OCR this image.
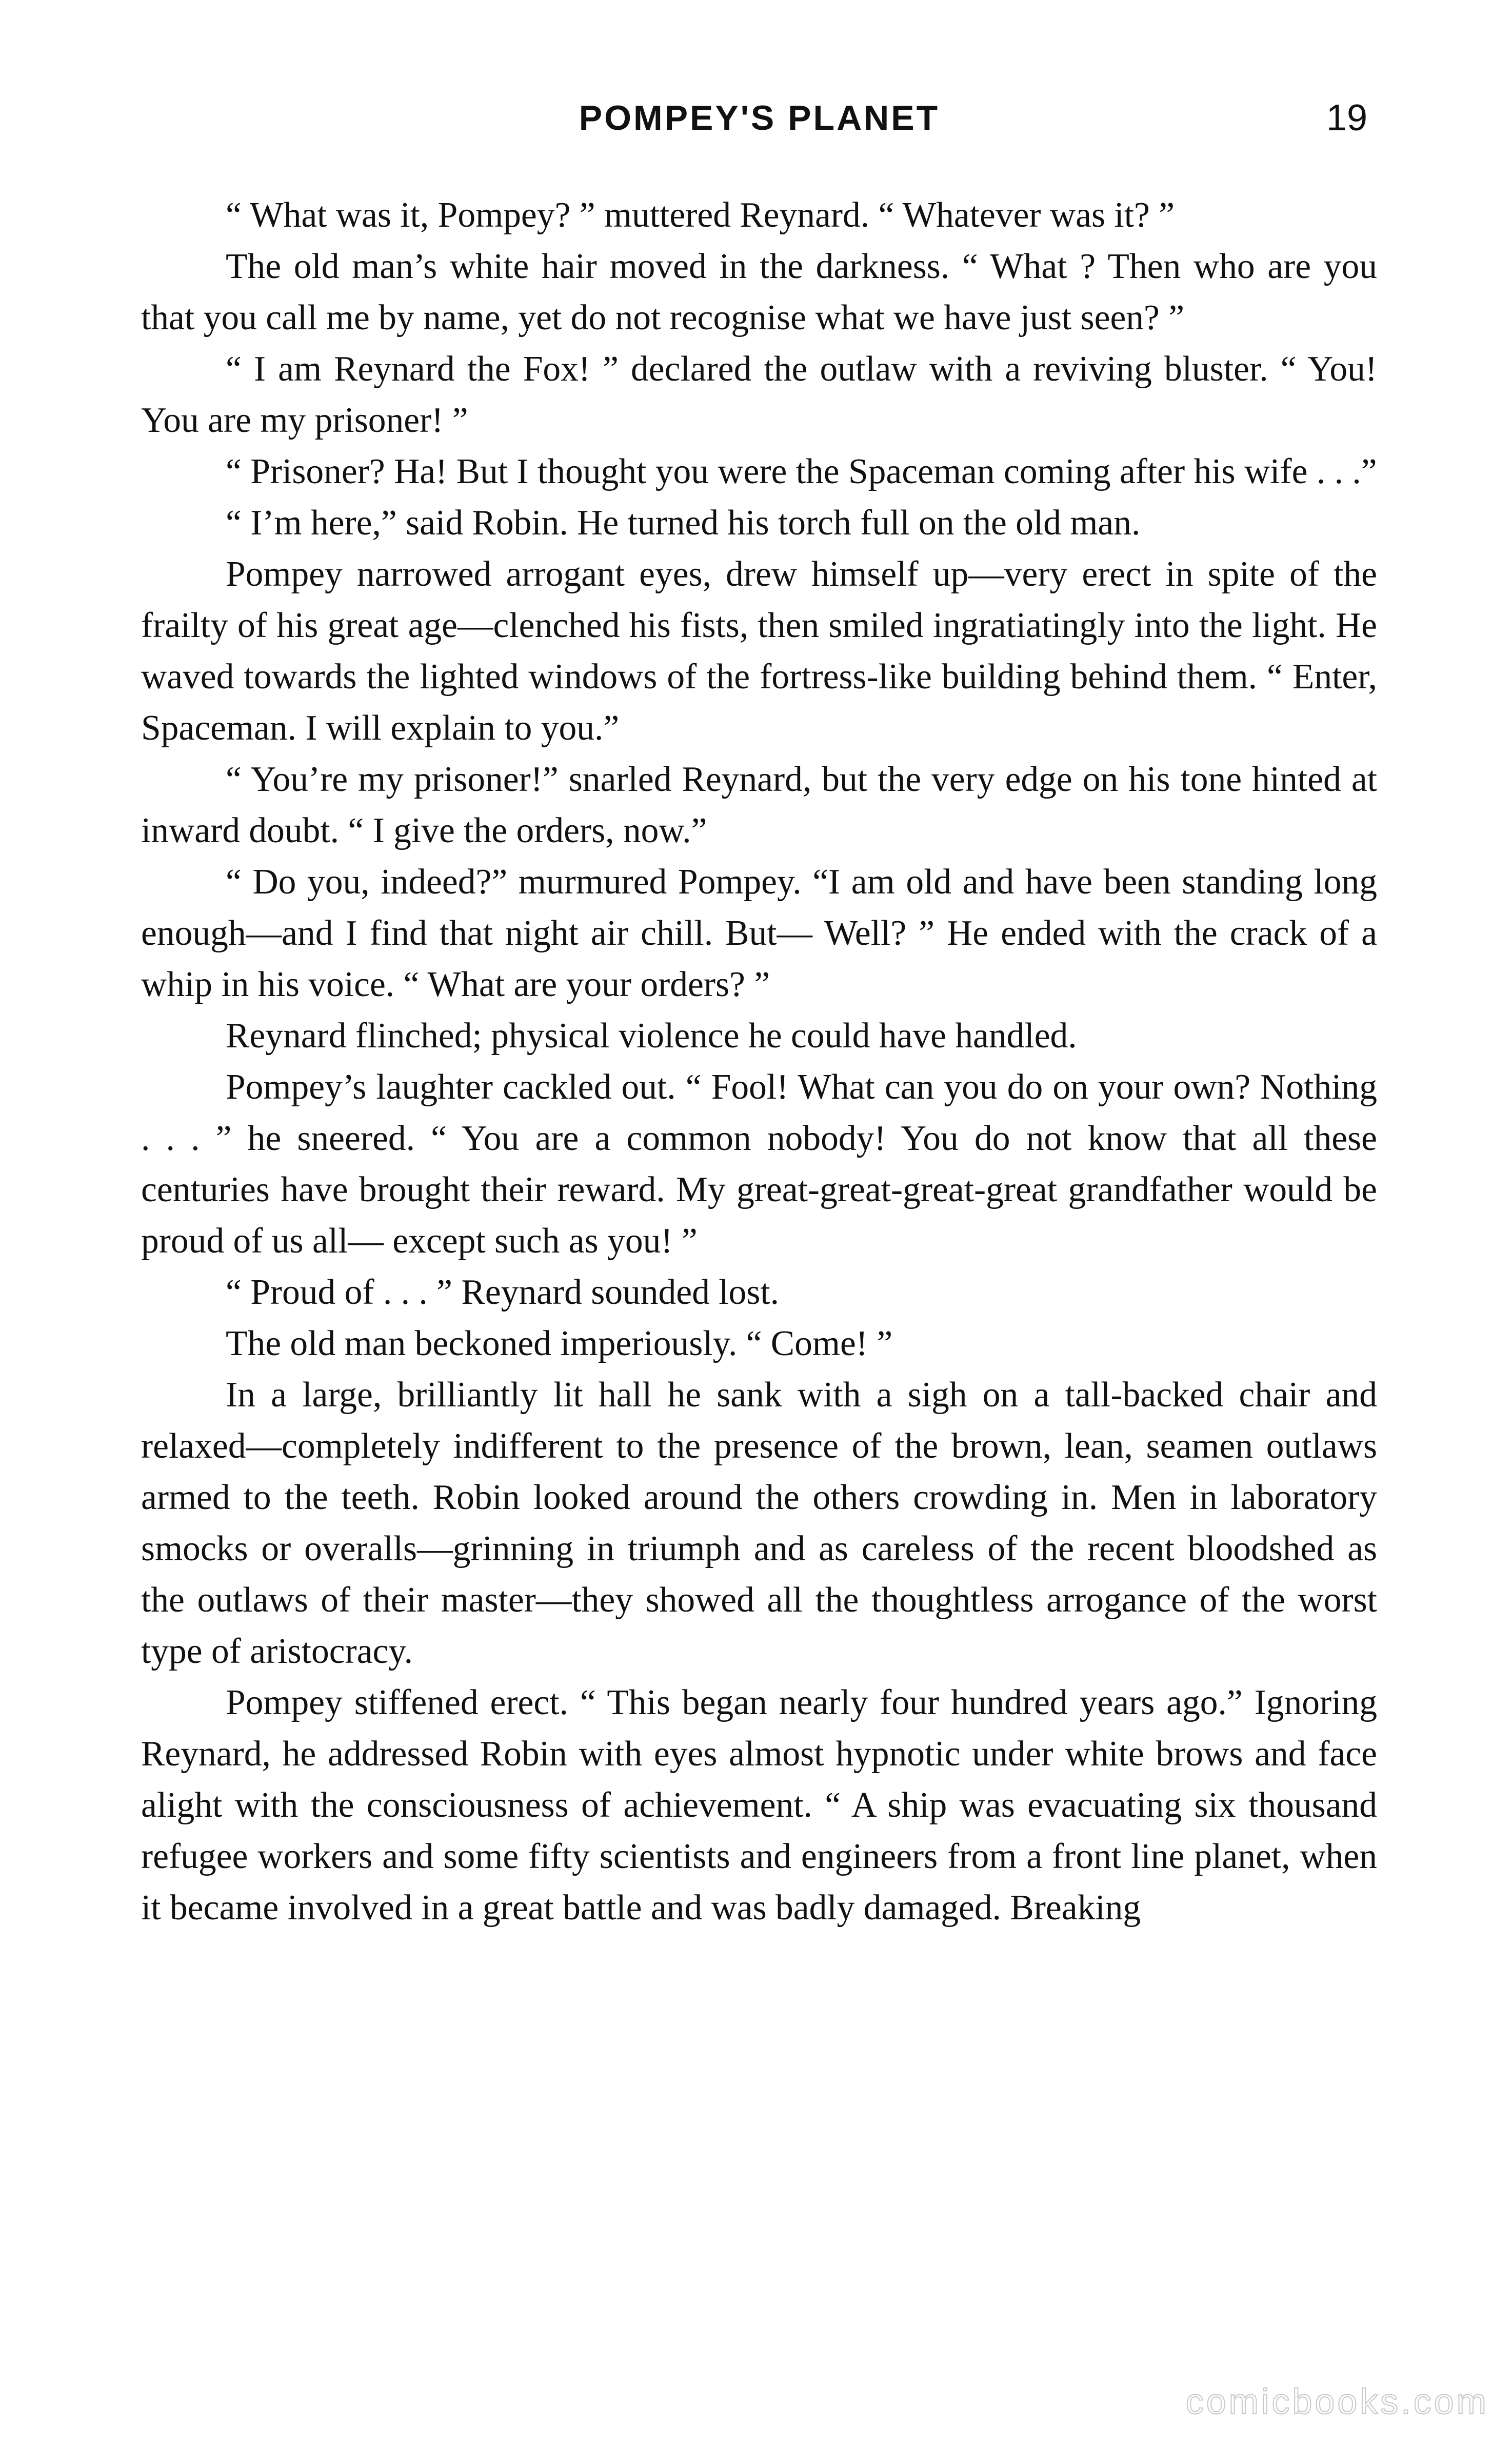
POMPEY'S PLANET	19

“ What was it, Pompey? ” muttered Reynard. “ Whatever was it? ”

The old man’s white hair moved in the darkness. “ What ? Then who are you that you call me by name, yet do not recognise what we have just seen? ”

“ I am Reynard the Fox! ” declared the outlaw with a reviving bluster. “ You! You are my prisoner! ”

“ Prisoner? Ha! But I thought you were the Spaceman coming after his wife . . .”

“ I’m here,” said Robin. He turned his torch full on the old man.

Pompey narrowed arrogant eyes, drew himself up—very erect in spite of the frailty of his great age—clenched his fists, then smiled ingratiatingly into the light. He waved towards the lighted windows of the fortress-like building behind them. “ Enter, Spaceman. I will explain to you.”

“ You’re my prisoner!” snarled Reynard, but the very edge on his tone hinted at inward doubt. “ I give the orders, now.”

“ Do you, indeed?” murmured Pompey. “I am old and have been standing long enough—and I find that night air chill. But— Well? ” He ended with the crack of a whip in his voice. “ What are your orders? ”

Reynard flinched; physical violence he could have handled.

Pompey’s laughter cackled out. “ Fool! What can you do on your own? Nothing . . . ” he sneered. “ You are a common nobody! You do not know that all these centuries have brought their reward. My great-great-great-great grandfather would be proud of us all— except such as you! ”

“ Proud of . . . ” Reynard sounded lost.

The old man beckoned imperiously. “ Come! ”

In a large, brilliantly lit hall he sank with a sigh on a tall-backed chair and relaxed—completely indifferent to the presence of the brown, lean, seamen outlaws armed to the teeth. Robin looked around the others crowding in. Men in laboratory smocks or overalls—grinning in triumph and as careless of the recent bloodshed as the outlaws of their master—they showed all the thoughtless arrogance of the worst type of aristocracy.

Pompey stiffened erect. “ This began nearly four hundred years ago.” Ignoring Reynard, he addressed Robin with eyes almost hypnotic under white brows and face alight with the consciousness of achievement. “ A ship was evacuating six thousand refugee workers and some fifty scientists and engineers from a front line planet, when it became involved in a great battle and was badly damaged. Breaking

comicbooks.com
